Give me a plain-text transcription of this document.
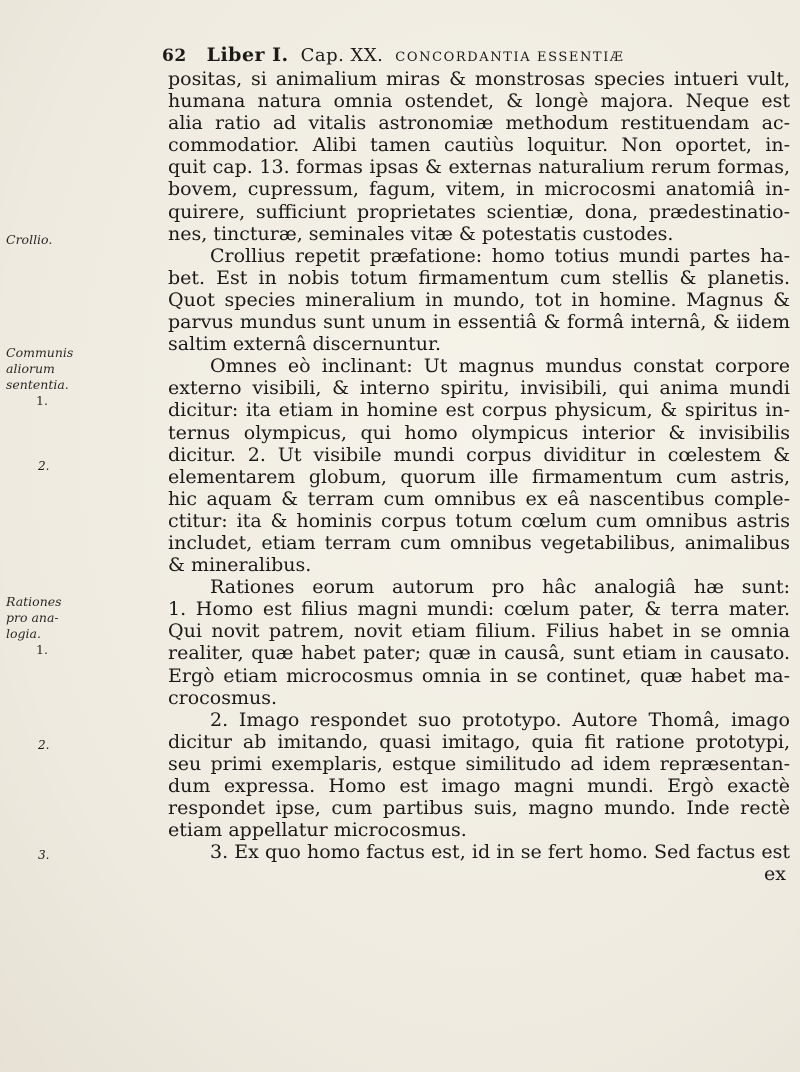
62 Liber I. Cap. XX. CONCORDANTIA ESSENTIÆ
Crollio.
Communis
aliorum
sententia.
1.
2.
Rationes
pro ana-
logia.
1.
2.
3.
positas, si animalium miras & monstrosas species intueri vult,
humana natura omnia ostendet, & longè majora. Neque est
alia ratio ad vitalis astronomiæ methodum restituendam ac-
commodatior. Alibi tamen cautiùs loquitur. Non oportet, in-
quit cap. 13. formas ipsas & externas naturalium rerum formas,
bovem, cupressum, fagum, vitem, in microcosmi anatomiâ in-
quirere, sufficiunt proprietates scientiæ, dona, prædestinatio-
nes, tincturæ, seminales vitæ & potestatis custodes.
Crollius repetit præfatione: homo totius mundi partes ha-
bet. Est in nobis totum firmamentum cum stellis & planetis.
Quot species mineralium in mundo, tot in homine. Magnus &
parvus mundus sunt unum in essentiâ & formâ internâ, & iidem
saltim externâ discernuntur.
Omnes eò inclinant: Ut magnus mundus constat corpore
externo visibili, & interno spiritu, invisibili, qui anima mundi
dicitur: ita etiam in homine est corpus physicum, & spiritus in-
ternus olympicus, qui homo olympicus interior & invisibilis
dicitur. 2. Ut visibile mundi corpus dividitur in cœlestem &
elementarem globum, quorum ille firmamentum cum astris,
hic aquam & terram cum omnibus ex eâ nascentibus comple-
ctitur: ita & hominis corpus totum cœlum cum omnibus astris
includet, etiam terram cum omnibus vegetabilibus, animalibus
& mineralibus.
Rationes eorum autorum pro hâc analogiâ hæ sunt:
1. Homo est filius magni mundi: cœlum pater, & terra mater.
Qui novit patrem, novit etiam filium. Filius habet in se omnia
realiter, quæ habet pater; quæ in causâ, sunt etiam in causato.
Ergò etiam microcosmus omnia in se continet, quæ habet ma-
crocosmus.
2. Imago respondet suo prototypo. Autore Thomâ, imago
dicitur ab imitando, quasi imitago, quia fit ratione prototypi,
seu primi exemplaris, estque similitudo ad idem repræsentan-
dum expressa. Homo est imago magni mundi. Ergò exactè
respondet ipse, cum partibus suis, magno mundo. Inde rectè
etiam appellatur microcosmus.
3. Ex quo homo factus est, id in se fert homo. Sed factus est
ex
